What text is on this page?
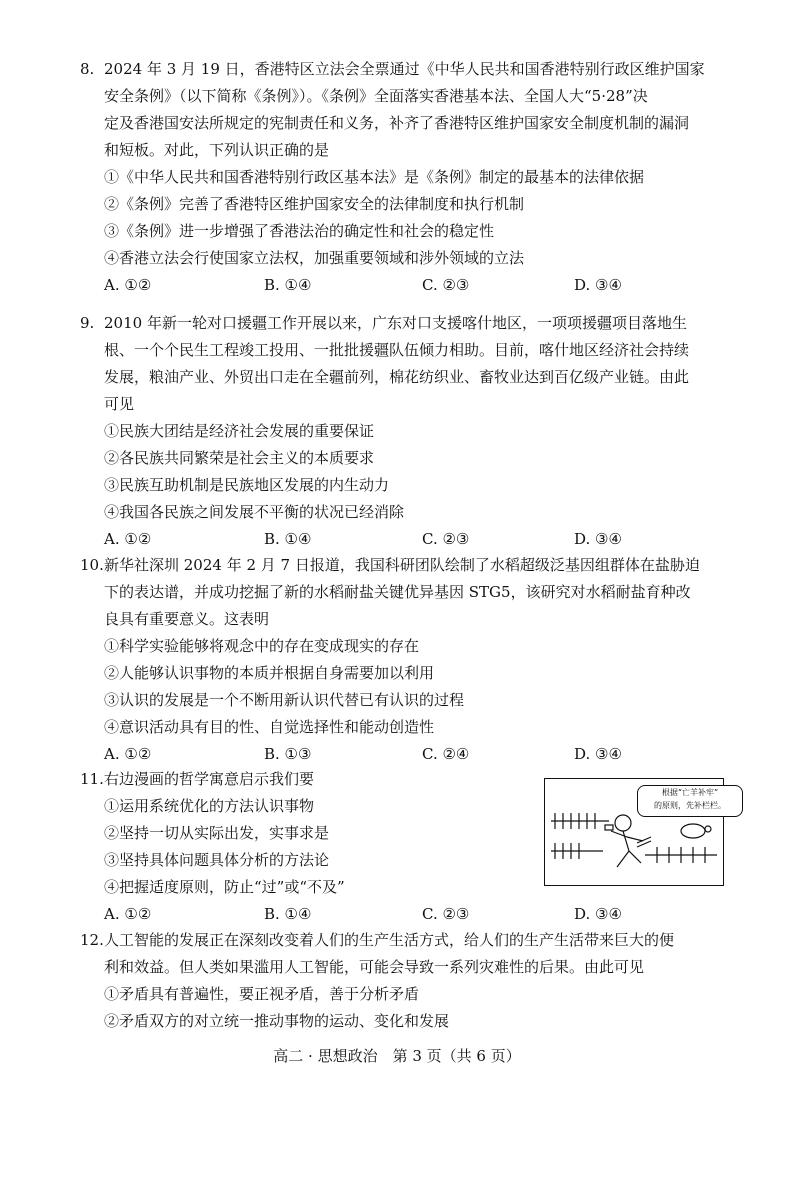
8. 2024 年 3 月 19 日，香港特区立法会全票通过《中华人民共和国香港特别行政区维护国家
安全条例》（以下简称《条例》）。《条例》全面落实香港基本法、全国人大“5·28”决
定及香港国安法所规定的宪制责任和义务，补齐了香港特区维护国家安全制度机制的漏洞
和短板。对此，下列认识正确的是
①《中华人民共和国香港特别行政区基本法》是《条例》制定的最基本的法律依据
②《条例》完善了香港特区维护国家安全的法律制度和执行机制
③《条例》进一步增强了香港法治的确定性和社会的稳定性
④香港立法会行使国家立法权，加强重要领域和涉外领域的立法
A. ①②	B. ①④	C. ②③	D. ③④
9. 2010 年新一轮对口援疆工作开展以来，广东对口支援喀什地区，一项项援疆项目落地生
根、一个个民生工程竣工投用、一批批援疆队伍倾力相助。目前，喀什地区经济社会持续
发展，粮油产业、外贸出口走在全疆前列，棉花纺织业、畜牧业达到百亿级产业链。由此
可见
①民族大团结是经济社会发展的重要保证
②各民族共同繁荣是社会主义的本质要求
③民族互助机制是民族地区发展的内生动力
④我国各民族之间发展不平衡的状况已经消除
A. ①②	B. ①④	C. ②③	D. ③④
10. 新华社深圳 2024 年 2 月 7 日报道，我国科研团队绘制了水稻超级泛基因组群体在盐胁迫
下的表达谱，并成功挖掘了新的水稻耐盐关键优异基因 STG5，该研究对水稻耐盐育种改
良具有重要意义。这表明
①科学实验能够将观念中的存在变成现实的存在
②人能够认识事物的本质并根据自身需要加以利用
③认识的发展是一个不断用新认识代替已有认识的过程
④意识活动具有目的性、自觉选择性和能动创造性
A. ①②	B. ①③	C. ②④	D. ③④
11. 右边漫画的哲学寓意启示我们要
①运用系统优化的方法认识事物
②坚持一切从实际出发，实事求是
③坚持具体问题具体分析的方法论
④把握适度原则，防止“过”或“不及”
A. ①②	B. ①④	C. ②③	D. ③④
12. 人工智能的发展正在深刻改变着人们的生产生活方式，给人们的生产生活带来巨大的便
利和效益。但人类如果滥用人工智能，可能会导致一系列灾难性的后果。由此可见
①矛盾具有普遍性，要正视矛盾，善于分析矛盾
②矛盾双方的对立统一推动事物的运动、变化和发展
根据“亡羊补牢”
的原则，先补栏栏。
高二 · 思想政治　第 3 页（共 6 页）
